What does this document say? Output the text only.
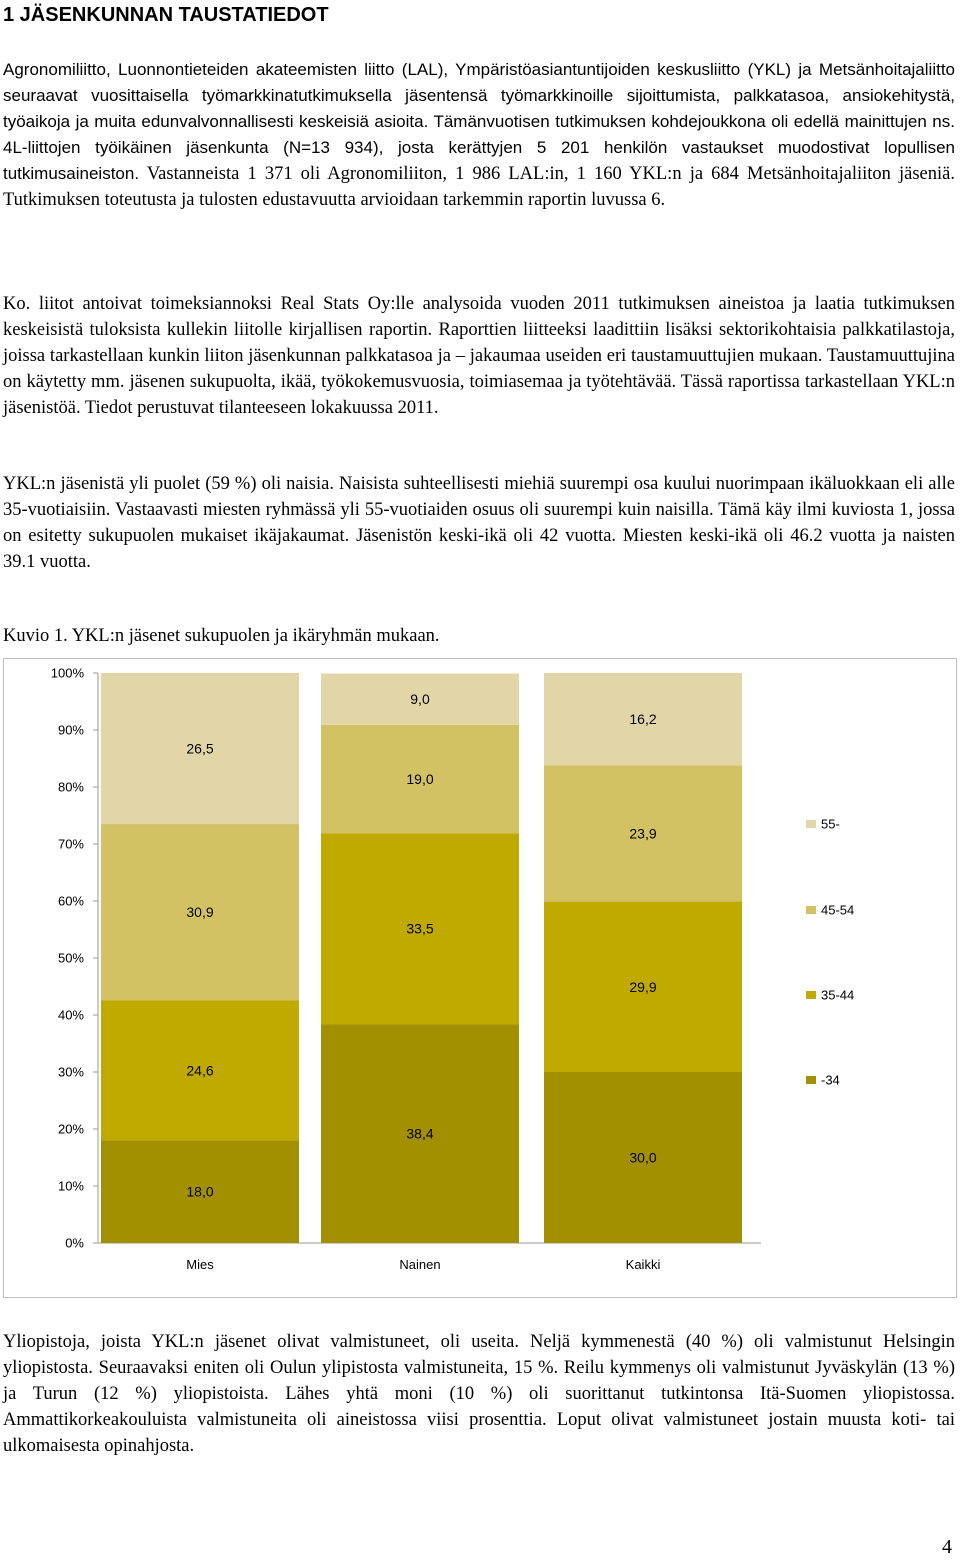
1 JÄSENKUNNAN TAUSTATIEDOT

Agronomiliitto, Luonnontieteiden akateemisten liitto (LAL), Ympäristöasiantuntijoiden keskusliitto (YKL) ja Metsänhoitajaliitto seuraavat vuosittaisella työmarkkinatutkimuksella jäsentensä työmarkkinoille sijoittumista, palkkatasoa, ansiokehitystä, työaikoja ja muita edunvalvonnallisesti keskeisiä asioita. Tämänvuotisen tutkimuksen kohdejoukkona oli edellä mainittujen ns. 4L-liittojen työikäinen jäsenkunta (N=13 934), josta kerättyjen 5 201 henkilön vastaukset muodostivat lopullisen tutkimusaineiston. Vastanneista 1 371 oli Agronomiliiton, 1 986 LAL:in, 1 160 YKL:n ja 684 Metsänhoitajaliiton jäseniä. Tutkimuksen toteutusta ja tulosten edustavuutta arvioidaan tarkemmin raportin luvussa 6.

Ko. liitot antoivat toimeksiannoksi Real Stats Oy:lle analysoida vuoden 2011 tutkimuksen aineistoa ja laatia tutkimuksen keskeisistä tuloksista kullekin liitolle kirjallisen raportin. Raporttien liitteeksi laadittiin lisäksi sektorikohtaisia palkkatilastoja, joissa tarkastellaan kunkin liiton jäsenkunnan palkkatasoa ja – jakaumaa useiden eri taustamuuttujien mukaan. Taustamuuttujina on käytetty mm. jäsenen sukupuolta, ikää, työkokemusvuosia, toimiasemaa ja työtehtävää. Tässä raportissa tarkastellaan YKL:n jäsenistöä. Tiedot perustuvat tilanteeseen lokakuussa 2011.

YKL:n jäsenistä yli puolet (59 %) oli naisia. Naisista suhteellisesti miehiä suurempi osa kuului nuorimpaan ikäluokkaan eli alle 35-vuotiaisiin. Vastaavasti miesten ryhmässä yli 55-vuotiaiden osuus oli suurempi kuin naisilla. Tämä käy ilmi kuviosta 1, jossa on esitetty sukupuolen mukaiset ikäjakaumat. Jäsenistön keski-ikä oli 42 vuotta. Miesten keski-ikä oli 46.2 vuotta ja naisten 39.1 vuotta.

Kuvio 1. YKL:n jäsenet sukupuolen ja ikäryhmän mukaan.

0%
10%
20%
30%
40%
50%
60%
70%
80%
90%
100%
18,0
24,6
30,9
26,5
Mies
38,4
33,5
19,0
9,0
Nainen
30,0
29,9
23,9
16,2
Kaikki
55-
45-54
35-44
-34

Yliopistoja, joista YKL:n jäsenet olivat valmistuneet, oli useita. Neljä kymmenestä (40 %) oli valmistunut Helsingin yliopistosta. Seuraavaksi eniten oli Oulun ylipistosta valmistuneita, 15 %. Reilu kymmenys oli valmistunut Jyväskylän (13 %) ja Turun (12 %) yliopistoista. Lähes yhtä moni (10 %) oli suorittanut tutkintonsa Itä-Suomen yliopistossa. Ammattikorkeakouluista valmistuneita oli aineistossa viisi prosenttia. Loput olivat valmistuneet jostain muusta koti- tai ulkomaisesta opinahjosta.

4
